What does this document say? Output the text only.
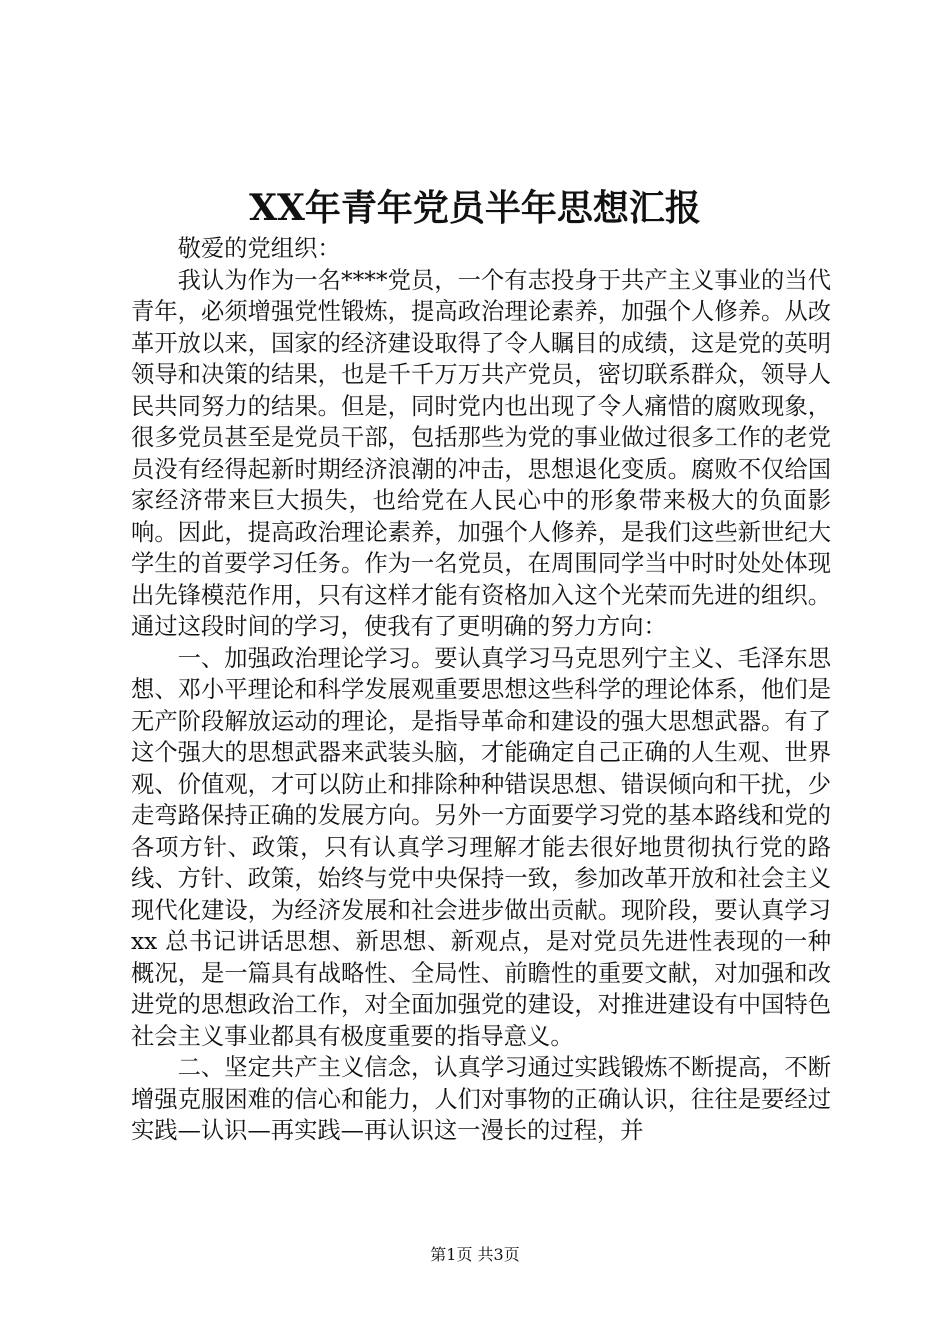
XX年青年党员半年思想汇报

敬爱的党组织：

我认为作为一名****党员，一个有志投身于共产主义事业的当代青年，必须增强党性锻炼，提高政治理论素养，加强个人修养。从改革开放以来，国家的经济建设取得了令人瞩目的成绩，这是党的英明领导和决策的结果，也是千千万万共产党员，密切联系群众，领导人民共同努力的结果。但是，同时党内也出现了令人痛惜的腐败现象，很多党员甚至是党员干部，包括那些为党的事业做过很多工作的老党员没有经得起新时期经济浪潮的冲击，思想退化变质。腐败不仅给国家经济带来巨大损失，也给党在人民心中的形象带来极大的负面影响。因此，提高政治理论素养，加强个人修养，是我们这些新世纪大学生的首要学习任务。作为一名党员，在周围同学当中时时处处体现出先锋模范作用，只有这样才能有资格加入这个光荣而先进的组织。通过这段时间的学习，使我有了更明确的努力方向：

一、加强政治理论学习。要认真学习马克思列宁主义、毛泽东思想、邓小平理论和科学发展观重要思想这些科学的理论体系，他们是无产阶段解放运动的理论，是指导革命和建设的强大思想武器。有了这个强大的思想武器来武装头脑，才能确定自己正确的人生观、世界观、价值观，才可以防止和排除种种错误思想、错误倾向和干扰，少走弯路保持正确的发展方向。另外一方面要学习党的基本路线和党的各项方针、政策，只有认真学习理解才能去很好地贯彻执行党的路线、方针、政策，始终与党中央保持一致，参加改革开放和社会主义现代化建设，为经济发展和社会进步做出贡献。现阶段，要认真学习 xx 总书记讲话思想、新思想、新观点，是对党员先进性表现的一种概况，是一篇具有战略性、全局性、前瞻性的重要文献，对加强和改进党的思想政治工作，对全面加强党的建设，对推进建设有中国特色社会主义事业都具有极度重要的指导意义。

二、坚定共产主义信念，认真学习通过实践锻炼不断提高，不断增强克服困难的信心和能力，人们对事物的正确认识，往往是要经过实践—认识—再实践—再认识这一漫长的过程，并

第1页 共3页
